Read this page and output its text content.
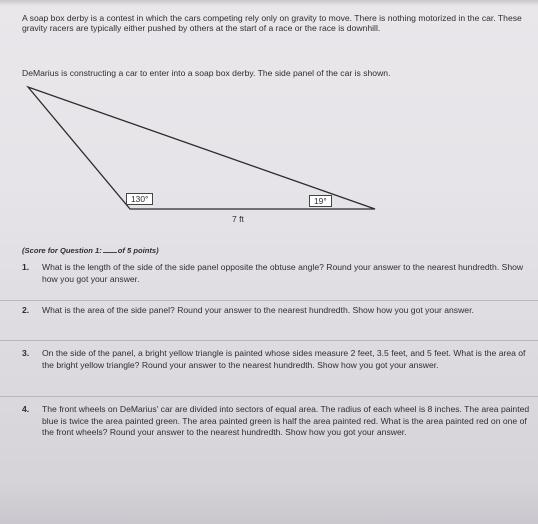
A soap box derby is a contest in which the cars competing rely only on gravity to move. There is nothing motorized in the car. These gravity racers are typically either pushed by others at the start of a race or the race is downhill.

DeMarius is constructing a car to enter into a soap box derby. The side panel of the car is shown.

130°	19°
7 ft

(Score for Question 1: of 5 points)

1. What is the length of the side of the side panel opposite the obtuse angle? Round your answer to the nearest hundredth. Show how you got your answer.
2. What is the area of the side panel? Round your answer to the nearest hundredth. Show how you got your answer.
3. On the side of the panel, a bright yellow triangle is painted whose sides measure 2 feet, 3.5 feet, and 5 feet. What is the area of the bright yellow triangle? Round your answer to the nearest hundredth. Show how you got your answer.
4. The front wheels on DeMarius' car are divided into sectors of equal area. The radius of each wheel is 8 inches. The area painted blue is twice the area painted green. The area painted green is half the area painted red. What is the area painted red on one of the front wheels? Round your answer to the nearest hundredth. Show how you got your answer.
